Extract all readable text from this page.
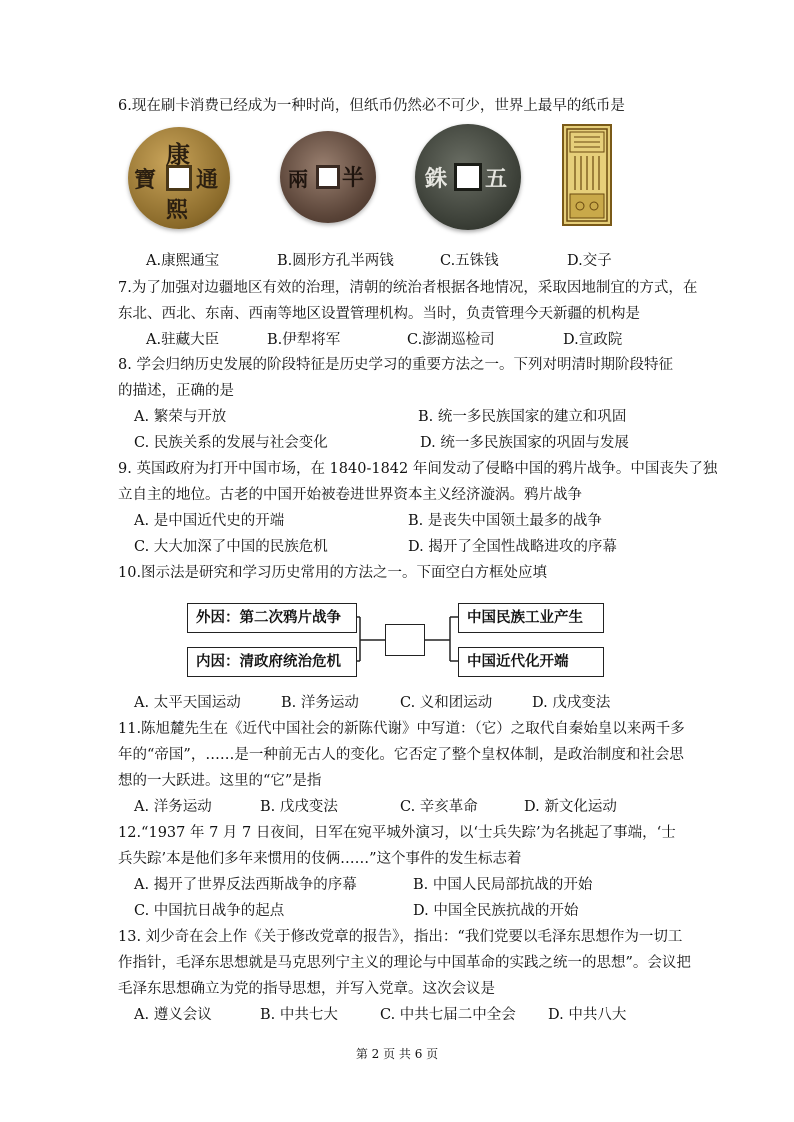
6.现在刷卡消费已经成为一种时尚，但纸币仍然必不可少，世界上最早的纸币是
康
熙
通
寶	半
兩	五
銖
A.康熙通宝	B.圆形方孔半两钱	C.五铢钱	D.交子
7.为了加强对边疆地区有效的治理，清朝的统治者根据各地情况，采取因地制宜的方式，在
东北、西北、东南、西南等地区设置管理机构。当时，负责管理今天新疆的机构是
A.驻藏大臣	B.伊犁将军	C.澎湖巡检司	D.宣政院
8. 学会归纳历史发展的阶段特征是历史学习的重要方法之一。下列对明清时期阶段特征
的描述，正确的是
A. 繁荣与开放	B. 统一多民族国家的建立和巩固
C. 民族关系的发展与社会变化	D. 统一多民族国家的巩固与发展
9. 英国政府为打开中国市场，在 1840-1842 年间发动了侵略中国的鸦片战争。中国丧失了独
立自主的地位。古老的中国开始被卷进世界资本主义经济漩涡。鸦片战争
A. 是中国近代史的开端	B. 是丧失中国领土最多的战争
C. 大大加深了中国的民族危机	D. 揭开了全国性战略进攻的序幕
10.图示法是研究和学习历史常用的方法之一。下面空白方框处应填
外因：第二次鸦片战争
内因：清政府统治危机
中国民族工业产生
中国近代化开端
A. 太平天国运动	B. 洋务运动	C. 义和团运动	D. 戊戌变法
11.陈旭麓先生在《近代中国社会的新陈代谢》中写道：（它）之取代自秦始皇以来两千多
年的“帝国”，……是一种前无古人的变化。它否定了整个皇权体制，是政治制度和社会思
想的一大跃进。这里的“它”是指
A. 洋务运动	B. 戊戌变法	C. 辛亥革命	D. 新文化运动
12.“1937 年 7 月 7 日夜间，日军在宛平城外演习，以‘士兵失踪’为名挑起了事端，‘士
兵失踪’本是他们多年来惯用的伎俩……”这个事件的发生标志着
A. 揭开了世界反法西斯战争的序幕	B. 中国人民局部抗战的开始
C. 中国抗日战争的起点	D. 中国全民族抗战的开始
13. 刘少奇在会上作《关于修改党章的报告》，指出：“我们党要以毛泽东思想作为一切工
作指针，毛泽东思想就是马克思列宁主义的理论与中国革命的实践之统一的思想”。会议把
毛泽东思想确立为党的指导思想，并写入党章。这次会议是
A. 遵义会议	B. 中共七大	C. 中共七届二中全会 D. 中共八大
第 2 页 共 6 页
